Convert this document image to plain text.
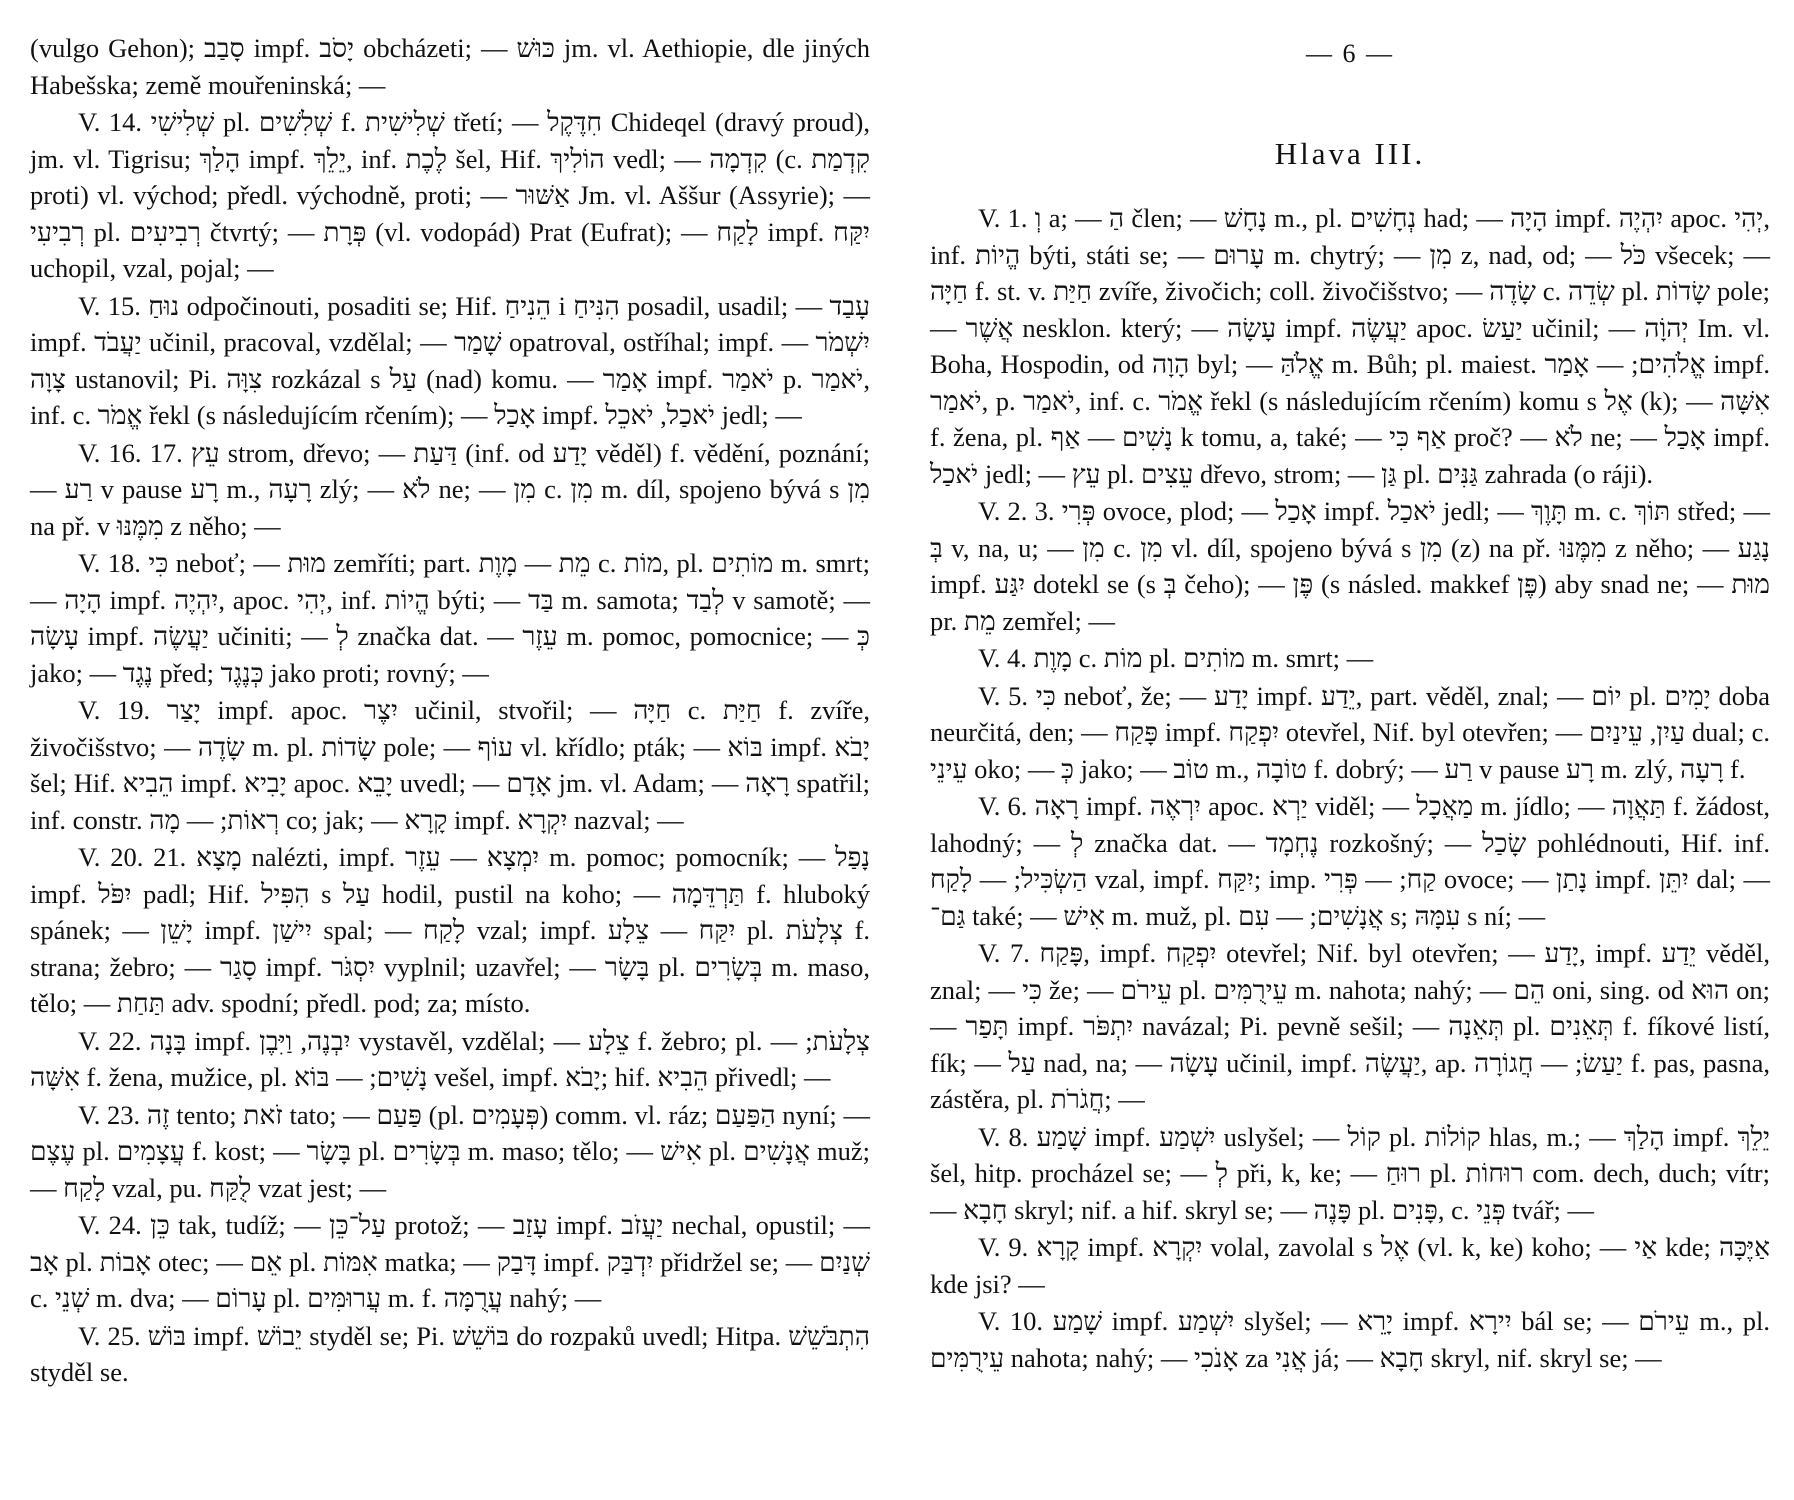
(vulgo Gehon); סָבַב impf. יָסֹב obcházeti; — כּוּשׁ jm. vl. Aethiopie, dle jiných Habešska; země mouřeninská; —

V. 14. שְׁלִישִׁי pl. שְׁלִשִׁים f. שְׁלִישִׁית třetí; — חִדֶּקֶל Chideqel (dravý proud), jm. vl. Tigrisu; הָלַךְ impf. יֵלֵךְ, inf. לֶכֶת šel, Hif. הוֹלִיךְ vedl; — קִדְמָה (c. קִדְמַת proti) vl. východ; předl. východně, proti; — אַשּׁוּר Jm. vl. Aššur (Assyrie); — רְבִיעִי pl. רְבִיעִים čtvrtý; — פְּרָת (vl. vodopád) Prat (Eufrat); — לָקַח impf. יִקַּח uchopil, vzal, pojal; —

V. 15. נוּחַ odpočinouti, posaditi se; Hif. הֵנִיחַ i הִנִּיחַ posadil, usadil; — עָבַד impf. יַעֲבֹד učinil, pracoval, vzdělal; — שָׁמַר opatroval, ostříhal; impf. יִשְׁמֹר — צָוָה ustanovil; Pi. צִוָּה rozkázal s עַל (nad) komu. — אָמַר impf. יֹאמַר p. יֹאמַר, inf. c. אֱמֹר řekl (s následujícím rčením); — אָכַל impf. יֹאכַל, יֹאכֵל jedl; —

V. 16. 17. עֵץ strom, dřevo; — דַּעַת (inf. od יָדַע věděl) f. vědění, poznání; — רַע v pause רָע m., רָעָה zlý; — לֹא ne; — מִן c. מִן m. díl, spojeno bývá s מִן na př. v מִמֶּנּוּ z něho; —

V. 18. כִּי neboť; — מוּת zemříti; part. מֵת — מָוֶת c. מוֹת, pl. מוֹתִים m. smrt; — הָיָה impf. יִהְיֶה, apoc. יְהִי, inf. הֱיוֹת býti; — בַּד m. samota; לְבַד v samotě; — עָשָׂה impf. יַעֲשֶׂה učiniti; — לְ značka dat. — עֵזֶר m. pomoc, pomocnice; — כְּ jako; — נֶגֶד před; כְּנֶגֶד jako proti; rovný; —

V. 19. יָצַר impf. apoc. יִצֶר učinil, stvořil; — חַיָּה c. חַיַּת f. zvíře, živočišstvo; — שָׂדֶה m. pl. שָׂדוֹת pole; — עוֹף vl. křídlo; pták; — בּוֹא impf. יָבֹא šel; Hif. הֵבִיא impf. יָבִיא apoc. יָבֵא uvedl; — אָדָם jm. vl. Adam; — רָאָה spatřil; inf. constr. רְאוֹת; — מָה co; jak; — קָרָא impf. יִקְרָא nazval; —

V. 20. 21. מָצָא nalézti, impf. יִמְצָא — עֵזֶר m. pomoc; pomocník; — נָפַל impf. יִפֹּל padl; Hif. הִפִּיל s עַל hodil, pustil na koho; — תַּרְדֵּמָה f. hluboký spánek; — יָשֵׁן impf. יִישַׁן spal; — לָקַח vzal; impf. יִקַּח — צֵלָע pl. צְלָעֹת f. strana; žebro; — סָגַר impf. יִסְגֹּר vyplnil; uzavřel; — בָּשָׂר pl. בְּשָׂרִים m. maso, tělo; — תַּחַת adv. spodní; předl. pod; za; místo.

V. 22. בָּנָה impf. יִבְנֶה, וַיִּבֶן vystavěl, vzdělal; — צֵלָע f. žebro; pl. צְלָעֹת; — אִשָּׁה f. žena, mužice, pl. נָשִׁים; — בּוֹא vešel, impf. יָבֹא; hif. הֵבִיא přivedl; —

V. 23. זֶה tento; זֹאת tato; — פַּעַם (pl. פְּעָמִים) comm. vl. ráz; הַפַּעַם nyní; — עֶצֶם pl. עֲצָמִים f. kost; — בָּשָׂר pl. בְּשָׂרִים m. maso; tělo; — אִישׁ pl. אֲנָשִׁים muž; — לָקַח vzal, pu. לֻקַּח vzat jest; —

V. 24. כֵּן tak, tudíž; — עַל־כֵּן protož; — עָזַב impf. יַעֲזֹב nechal, opustil; — אָב pl. אָבוֹת otec; — אֵם pl. אִמּוֹת matka; — דָּבַק impf. יִדְבַּק přidržel se; — שְׁנַיִם c. שְׁנֵי m. dva; — עָרוֹם pl. עֲרוּמִּים m. f. עֲרֻמָּה nahý; —

V. 25. בּוֹשׁ impf. יֵבוֹשׁ styděl se; Pi. בּוֹשֵׁשׁ do rozpaků uvedl; Hitpa. הִתְבֹּשֵׁשׁ styděl se.

— 6 —
Hlava III.

V. 1. וְ a; — הַ člen; — נָחָשׁ m., pl. נְחָשִׁים had; — הָיָה impf. יִהְיֶה apoc. יְהִי, inf. הֱיוֹת býti, státi se; — עָרוּם m. chytrý; — מִן z, nad, od; — כֹּל všecek; — חַיָּה f. st. v. חַיַּת zvíře, živočich; coll. živočišstvo; — שָׂדֶה c. שְׂדֵה pl. שָׂדוֹת pole; — אֲשֶׁר nesklon. který; — עָשָׂה impf. יַעֲשֶׂה apoc. יַעַשׂ učinil; — יְהוָֹה Im. vl. Boha, Hospodin, od הָוָה byl; — אֱלֹהַּ m. Bůh; pl. maiest. אֱלֹהִים; — אָמַר impf. יֹאמַר, p. יֹאמַר, inf. c. אֱמֹר řekl (s následujícím rčením) komu s אֶל (k); — אִשָּׁה f. žena, pl. נָשִׁים — אַף k tomu, a, také; — אַף כִּי proč? — לֹא ne; — אָכַל impf. יֹאכַל jedl; — עֵץ pl. עֵצִים dřevo, strom; — גַּן pl. גַּנִּים zahrada (o ráji).

V. 2. 3. פְּרִי ovoce, plod; — אָכַל impf. יֹאכַל jedl; — תָּוֶךְ m. c. תּוֹךְ střed; — בְּ v, na, u; — מִן c. מִן vl. díl, spojeno bývá s מִן (z) na př. מִמֶּנּוּ z něho; — נָגַע impf. יִגַּע dotekl se (s בְּ čeho); — פֶּן (s násled. makkef פֶּן) aby snad ne; — מוּת pr. מֵת zemřel; —

V. 4. מָוֶת c. מוֹת pl. מוֹתִים m. smrt; —

V. 5. כִּי neboť, že; — יָדַע impf. יֵדַע, part. věděl, znal; — יוֹם pl. יָמִים doba neurčitá, den; — פָּקַח impf. יִפְקַח otevřel, Nif. byl otevřen; — עַיִן, עֵינַיִם dual; c. עֵינֵי oko; — כְּ jako; — טוֹב m., טוֹבָה f. dobrý; — רַע v pause רָע m. zlý, רָעָה f.

V. 6. רָאָה impf. יִרְאֶה apoc. יַרְא viděl; — מַאֲכָל m. jídlo; — תַּאֲוָה f. žádost, lahodný; — לְ značka dat. — נֶחְמָד rozkošný; — שָׂכַל pohlédnouti, Hif. inf. הַשְׂכִּיל; — לָקַח vzal, impf. יִקַּח; imp. קַח; — פְּרִי ovoce; — נָתַן impf. יִתֵּן dal; — גַּם־ také; — אִישׁ m. muž, pl. אֲנָשִׁים; — עִם s; עִמָּהּ s ní; —

V. 7. פָּקַח, impf. יִפְקַח otevřel; Nif. byl otevřen; — יָדַע, impf. יֵדַע věděl, znal; — כִּי že; — עֵירֹם pl. עֵירֻמִּים m. nahota; nahý; — הֵם oni, sing. od הוּא on; — תָּפַר impf. יִתְפֹּר navázal; Pi. pevně sešil; — תְּאֵנָה pl. תְּאֵנִים f. fíkové listí, fík; — עַל nad, na; — עָשָׂה učinil, impf. יַעֲשֶׂה, ap. יַעַשׂ; — חֲגוֹרָה f. pas, pasna, zástěra, pl. חֲגֹרֹת; —

V. 8. שָׁמַע impf. יִשְׁמַע uslyšel; — קוֹל pl. קוֹלוֹת hlas, m.; — הָלַךְ impf. יֵלֵךְ šel, hitp. procházel se; — לְ při, k, ke; — רוּחַ pl. רוּחוֹת com. dech, duch; vítr; — חָבָא skryl; nif. a hif. skryl se; — פָּנֶה pl. פָּנִים, c. פְּנֵי tvář; —

V. 9. קָרָא impf. יִקְרָא volal, zavolal s אֶל (vl. k, ke) koho; — אַי kde; אַיֶּכָּה kde jsi? —

V. 10. שָׁמַע impf. יִשְׁמַע slyšel; — יָרֵא impf. יִירָא bál se; — עֵירֹם m., pl. עֵירֻמִּים nahota; nahý; — אָנֹכִי za אֲנִי já; — חָבָא skryl, nif. skryl se; —
